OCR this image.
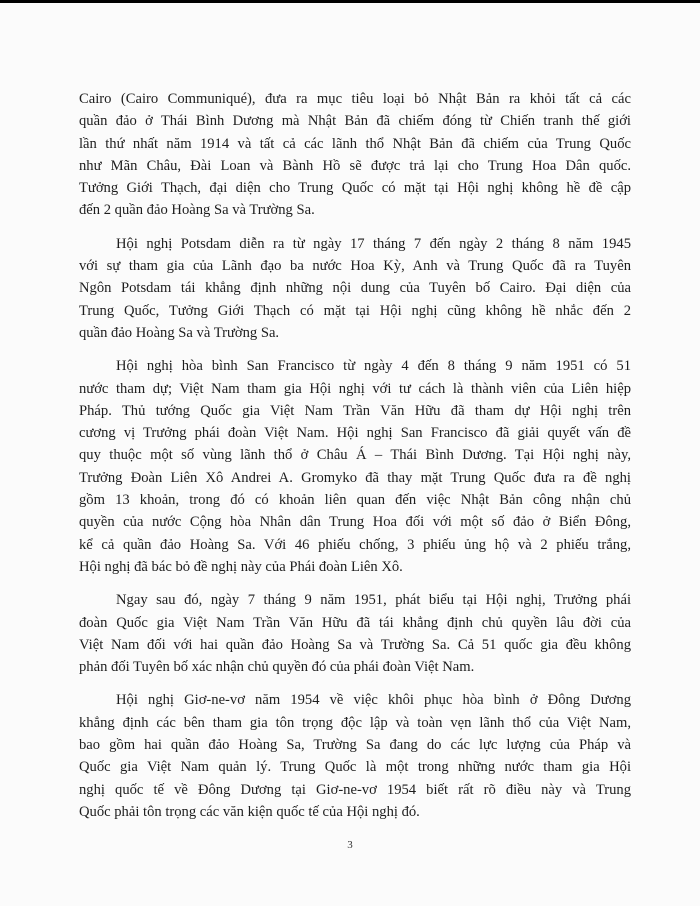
Cairo (Cairo Communiqué), đưa ra mục tiêu loại bỏ Nhật Bản ra khỏi tất cả các
quần đảo ở Thái Bình Dương mà Nhật Bản đã chiếm đóng từ Chiến tranh thế giới
lần thứ nhất năm 1914 và tất cả các lãnh thổ Nhật Bản đã chiếm của Trung Quốc
như Mãn Châu, Đài Loan và Bành Hồ sẽ được trả lại cho Trung Hoa Dân quốc.
Tưởng Giới Thạch, đại diện cho Trung Quốc có mặt tại Hội nghị không hề đề cập
đến 2 quần đảo Hoàng Sa và Trường Sa.

Hội nghị Potsdam diễn ra từ ngày 17 tháng 7 đến ngày 2 tháng 8 năm 1945
với sự tham gia của Lãnh đạo ba nước Hoa Kỳ, Anh và Trung Quốc đã ra Tuyên
Ngôn Potsdam tái khẳng định những nội dung của Tuyên bố Cairo. Đại diện của
Trung Quốc, Tưởng Giới Thạch có mặt tại Hội nghị cũng không hề nhắc đến 2
quần đảo Hoàng Sa và Trường Sa.

Hội nghị hòa bình San Francisco từ ngày 4 đến 8 tháng 9 năm 1951 có 51
nước tham dự; Việt Nam tham gia Hội nghị với tư cách là thành viên của Liên hiệp
Pháp. Thủ tướng Quốc gia Việt Nam Trần Văn Hữu đã tham dự Hội nghị trên
cương vị Trưởng phái đoàn Việt Nam. Hội nghị San Francisco đã giải quyết vấn đề
quy thuộc một số vùng lãnh thổ ở Châu Á – Thái Bình Dương. Tại Hội nghị này,
Trưởng Đoàn Liên Xô Andrei A. Gromyko đã thay mặt Trung Quốc đưa ra đề nghị
gồm 13 khoản, trong đó có khoản liên quan đến việc Nhật Bản công nhận chủ
quyền của nước Cộng hòa Nhân dân Trung Hoa đối với một số đảo ở Biển Đông,
kể cả quần đảo Hoàng Sa. Với 46 phiếu chống, 3 phiếu ủng hộ và 2 phiếu trắng,
Hội nghị đã bác bỏ đề nghị này của Phái đoàn Liên Xô.

Ngay sau đó, ngày 7 tháng 9 năm 1951, phát biểu tại Hội nghị, Trưởng phái
đoàn Quốc gia Việt Nam Trần Văn Hữu đã tái khẳng định chủ quyền lâu đời của
Việt Nam đối với hai quần đảo Hoàng Sa và Trường Sa. Cả 51 quốc gia đều không
phản đối Tuyên bố xác nhận chủ quyền đó của phái đoàn Việt Nam.

Hội nghị Giơ-ne-vơ năm 1954 về việc khôi phục hòa bình ở Đông Dương
khẳng định các bên tham gia tôn trọng độc lập và toàn vẹn lãnh thổ của Việt Nam,
bao gồm hai quần đảo Hoàng Sa, Trường Sa đang do các lực lượng của Pháp và
Quốc gia Việt Nam quản lý. Trung Quốc là một trong những nước tham gia Hội
nghị quốc tế về Đông Dương tại Giơ-ne-vơ 1954 biết rất rõ điều này và Trung
Quốc phải tôn trọng các văn kiện quốc tế của Hội nghị đó.

3
